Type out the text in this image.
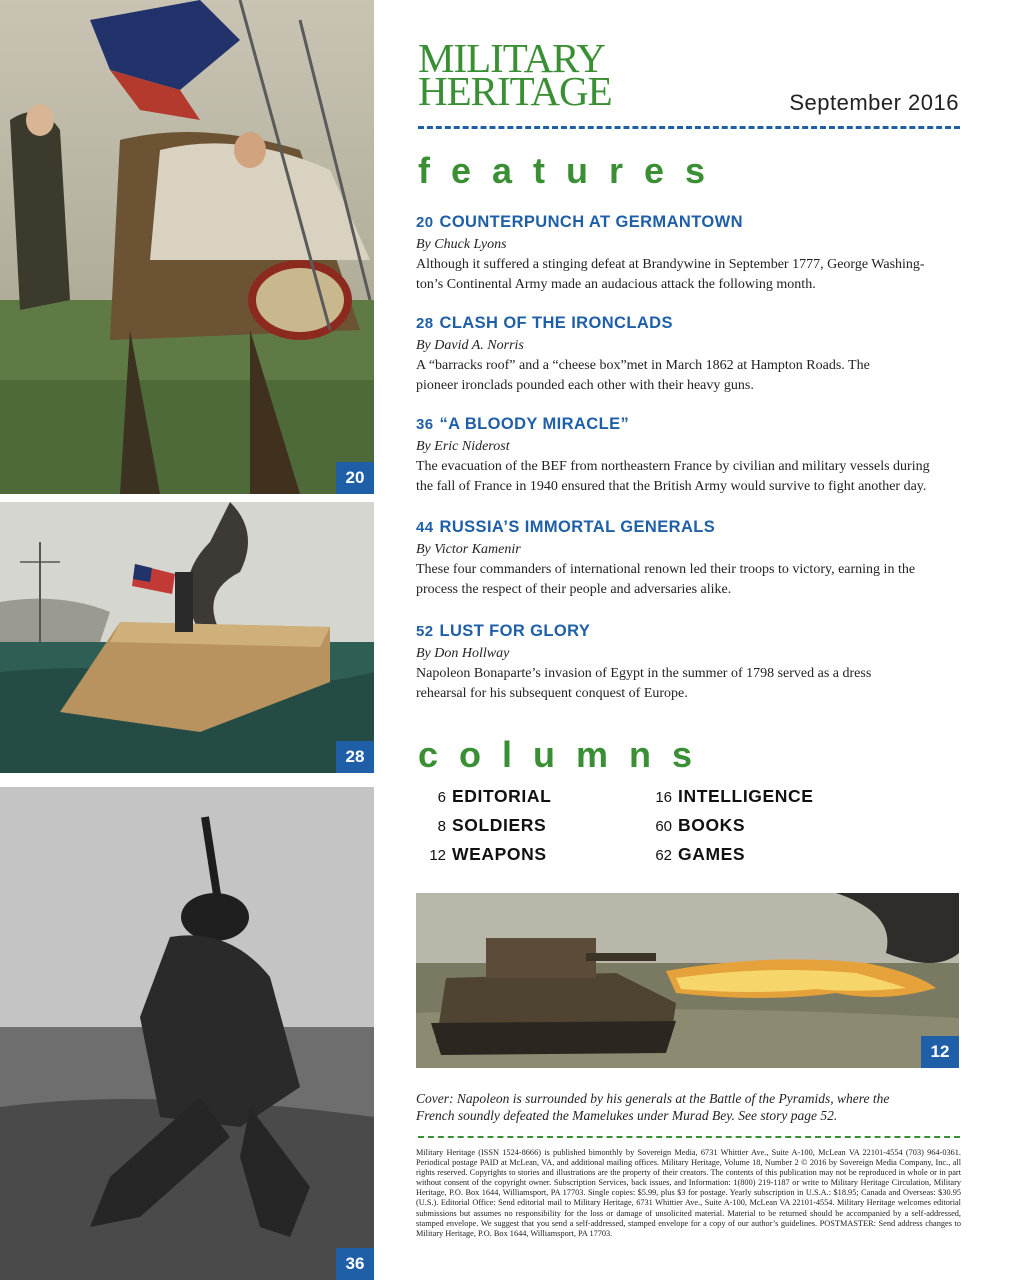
20
28
36
MILITARY
HERITAGE	September 2016
features
20 COUNTERPUNCH AT GERMANTOWN
By Chuck Lyons
Although it suffered a stinging defeat at Brandywine in September 1777, George Washing-
ton’s Continental Army made an audacious attack the following month.
28 CLASH OF THE IRONCLADS
By David A. Norris
A “barracks roof” and a “cheese box”met in March 1862 at Hampton Roads. The
pioneer ironclads pounded each other with their heavy guns.
36 “A BLOODY MIRACLE”
By Eric Niderost
The evacuation of the BEF from northeastern France by civilian and military vessels during
the fall of France in 1940 ensured that the British Army would survive to fight another day.
44 RUSSIA’S IMMORTAL GENERALS
By Victor Kamenir
These four commanders of international renown led their troops to victory, earning in the
process the respect of their people and adversaries alike.
52 LUST FOR GLORY
By Don Hollway
Napoleon Bonaparte’s invasion of Egypt in the summer of 1798 served as a dress
rehearsal for his subsequent conquest of Europe.
columns
6 EDITORIAL
8 SOLDIERS
12 WEAPONS
16 INTELLIGENCE
60 BOOKS
62 GAMES
12
Cover: Napoleon is surrounded by his generals at the Battle of the Pyramids, where the
French soundly defeated the Mamelukes under Murad Bey. See story page 52.
Military Heritage (ISSN 1524-8666) is published bimonthly by Sovereign Media, 6731 Whittier Ave., Suite A-100, McLean VA 22101-4554 (703) 964-0361. Periodical postage PAID at McLean, VA, and additional mailing offices. Military Heritage, Volume 18, Number 2 © 2016 by Sovereign Media Company, Inc., all rights reserved. Copyrights to stories and illustrations are the property of their creators. The contents of this publication may not be reproduced in whole or in part without consent of the copyright owner. Subscription Services, back issues, and Information: 1(800) 219-1187 or write to Military Heritage Circulation, Military Heritage, P.O. Box 1644, Williamsport, PA 17703. Single copies: $5.99, plus $3 for postage. Yearly subscription in U.S.A.: $18.95; Canada and Overseas: $30.95 (U.S.). Editorial Office: Send editorial mail to Military Heritage, 6731 Whittier Ave., Suite A-100, McLean VA 22101-4554. Military Heritage welcomes editorial submissions but assumes no responsibility for the loss or damage of unsolicited material. Material to be returned should be accompanied by a self-addressed, stamped envelope. We suggest that you send a self-addressed, stamped envelope for a copy of our author’s guidelines. POSTMASTER: Send address changes to Military Heritage, P.O. Box 1644, Williamsport, PA 17703.
